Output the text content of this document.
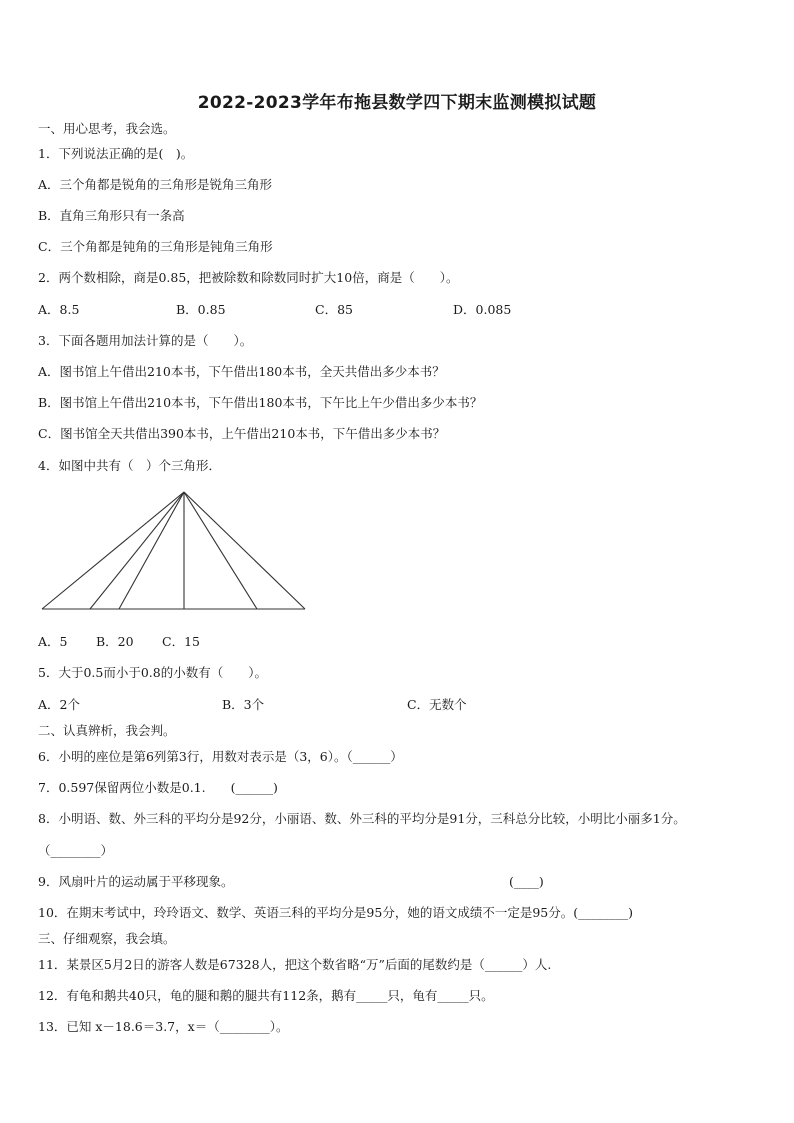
2022-2023学年布拖县数学四下期末监测模拟试题
一、用心思考，我会选。
1．下列说法正确的是(　)。
A．三个角都是锐角的三角形是锐角三角形
B．直角三角形只有一条高
C．三个角都是钝角的三角形是钝角三角形
2．两个数相除，商是0.85，把被除数和除数同时扩大10倍，商是（　　）。
A．8.5	B．0.85	C．85	D．0.085
3．下面各题用加法计算的是（　　）。
A．图书馆上午借出210本书，下午借出180本书，全天共借出多少本书？
B．图书馆上午借出210本书，下午借出180本书，下午比上午少借出多少本书？
C．图书馆全天共借出390本书，上午借出210本书，下午借出多少本书？
4．如图中共有（　）个三角形．
A．5 B．20 C．15
5．大于0.5而小于0.8的小数有（　　）。
A．2个	B．3个	C．无数个
二、认真辨析，我会判。
6．小明的座位是第6列第3行，用数对表示是（3，6）。（______）
7．0.597保留两位小数是0.1.　　(______)
8．小明语、数、外三科的平均分是92分，小丽语、数、外三科的平均分是91分，三科总分比较，小明比小丽多1分。
（________）
9．风扇叶片的运动属于平移现象。	(____)
10．在期末考试中，玲玲语文、数学、英语三科的平均分是95分，她的语文成绩不一定是95分。(________)
三、仔细观察，我会填。
11．某景区5月2日的游客人数是67328人，把这个数省略“万”后面的尾数约是（______）人.
12．有龟和鹅共40只，龟的腿和鹅的腿共有112条，鹅有_____只，龟有_____只。
13．已知 x－18.6＝3.7，x＝（________）。
